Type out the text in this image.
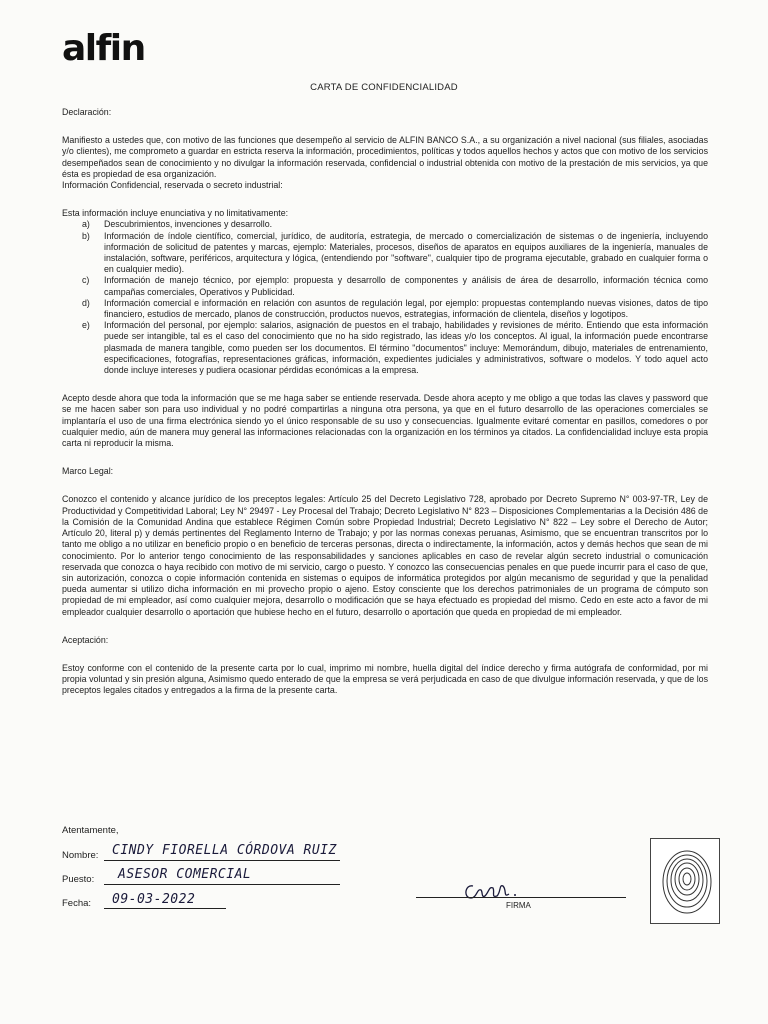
alfin
CARTA DE CONFIDENCIALIDAD

Declaración:

Manifiesto a ustedes que, con motivo de las funciones que desempeño al servicio de ALFIN BANCO S.A., a su organización a nivel nacional (sus filiales, asociadas y/o clientes), me comprometo a guardar en estricta reserva la información, procedimientos, políticas y todos aquellos hechos y actos que con motivo de los servicios desempeñados sean de conocimiento y no divulgar la información reservada, confidencial o industrial obtenida con motivo de la prestación de mis servicios, ya que ésta es propiedad de esa organización.

Información Confidencial, reservada o secreto industrial:

Esta información incluye enunciativa y no limitativamente:

a)	Descubrimientos, invenciones y desarrollo.
b)	Información de índole científico, comercial, jurídico, de auditoría, estrategia, de mercado o comercialización de sistemas o de ingeniería, incluyendo información de solicitud de patentes y marcas, ejemplo: Materiales, procesos, diseños de aparatos en equipos auxiliares de la ingeniería, manuales de instalación, software, periféricos, arquitectura y lógica, (entendiendo por "software", cualquier tipo de programa ejecutable, grabado en cualquier forma o en cualquier medio).
c)	Información de manejo técnico, por ejemplo: propuesta y desarrollo de componentes y análisis de área de desarrollo, información técnica como campañas comerciales, Operativos y Publicidad.
d)	Información comercial e información en relación con asuntos de regulación legal, por ejemplo: propuestas contemplando nuevas visiones, datos de tipo financiero, estudios de mercado, planos de construcción, productos nuevos, estrategias, información de clientela, diseños y logotipos.
e)	Información del personal, por ejemplo: salarios, asignación de puestos en el trabajo, habilidades y revisiones de mérito. Entiendo que esta información puede ser intangible, tal es el caso del conocimiento que no ha sido registrado, las ideas y/o los conceptos. Al igual, la información puede encontrarse plasmada de manera tangible, como pueden ser los documentos. El término "documentos" incluye: Memorándum, dibujo, materiales de entrenamiento, especificaciones, fotografías, representaciones gráficas, información, expedientes judiciales y administrativos, software o modelos. Y todo aquel acto donde incluye intereses y pudiera ocasionar pérdidas económicas a la empresa.

Acepto desde ahora que toda la información que se me haga saber se entiende reservada. Desde ahora acepto y me obligo a que todas las claves y password que se me hacen saber son para uso individual y no podré compartirlas a ninguna otra persona, ya que en el futuro desarrollo de las operaciones comerciales se implantaría el uso de una firma electrónica siendo yo el único responsable de su uso y consecuencias. Igualmente evitaré comentar en pasillos, comedores o por cualquier medio, aún de manera muy general las informaciones relacionadas con la organización en los términos ya citados. La confidencialidad incluye esta propia carta ni reproducir la misma.

Marco Legal:

Conozco el contenido y alcance jurídico de los preceptos legales: Artículo 25 del Decreto Legislativo 728, aprobado por Decreto Supremo N° 003-97-TR, Ley de Productividad y Competitividad Laboral; Ley N° 29497 - Ley Procesal del Trabajo; Decreto Legislativo N° 823 – Disposiciones Complementarias a la Decisión 486 de la Comisión de la Comunidad Andina que establece Régimen Común sobre Propiedad Industrial; Decreto Legislativo N° 822 – Ley sobre el Derecho de Autor; Artículo 20, literal p) y demás pertinentes del Reglamento Interno de Trabajo; y por las normas conexas peruanas, Asimismo, que se encuentran transcritos por lo tanto me obligo a no utilizar en beneficio propio o en beneficio de terceras personas, directa o indirectamente, la información, actos y demás hechos que sean de mi conocimiento. Por lo anterior tengo conocimiento de las responsabilidades y sanciones aplicables en caso de revelar algún secreto industrial o comunicación reservada que conozca o haya recibido con motivo de mi servicio, cargo o puesto. Y conozco las consecuencias penales en que puede incurrir para el caso de que, sin autorización, conozca o copie información contenida en sistemas o equipos de informática protegidos por algún mecanismo de seguridad y que la penalidad pueda aumentar si utilizo dicha información en mi provecho propio o ajeno. Estoy consciente que los derechos patrimoniales de un programa de cómputo son propiedad de mi empleador, así como cualquier mejora, desarrollo o modificación que se haya efectuado es propiedad del mismo. Cedo en este acto a favor de mi empleador cualquier desarrollo o aportación que hubiese hecho en el futuro, desarrollo o aportación que queda en propiedad de mi empleador.

Aceptación:

Estoy conforme con el contenido de la presente carta por lo cual, imprimo mi nombre, huella digital del índice derecho y firma autógrafa de conformidad, por mi propia voluntad y sin presión alguna, Asimismo quedo enterado de que la empresa se verá perjudicada en caso de que divulgue información reservada, y que de los preceptos legales citados y entregados a la firma de la presente carta.

Atentamente,
Nombre: CINDY FIORELLA CÓRDOVA RUIZ
Puesto: ASESOR COMERCIAL
Fecha: 09-03-2022	FIRMA
